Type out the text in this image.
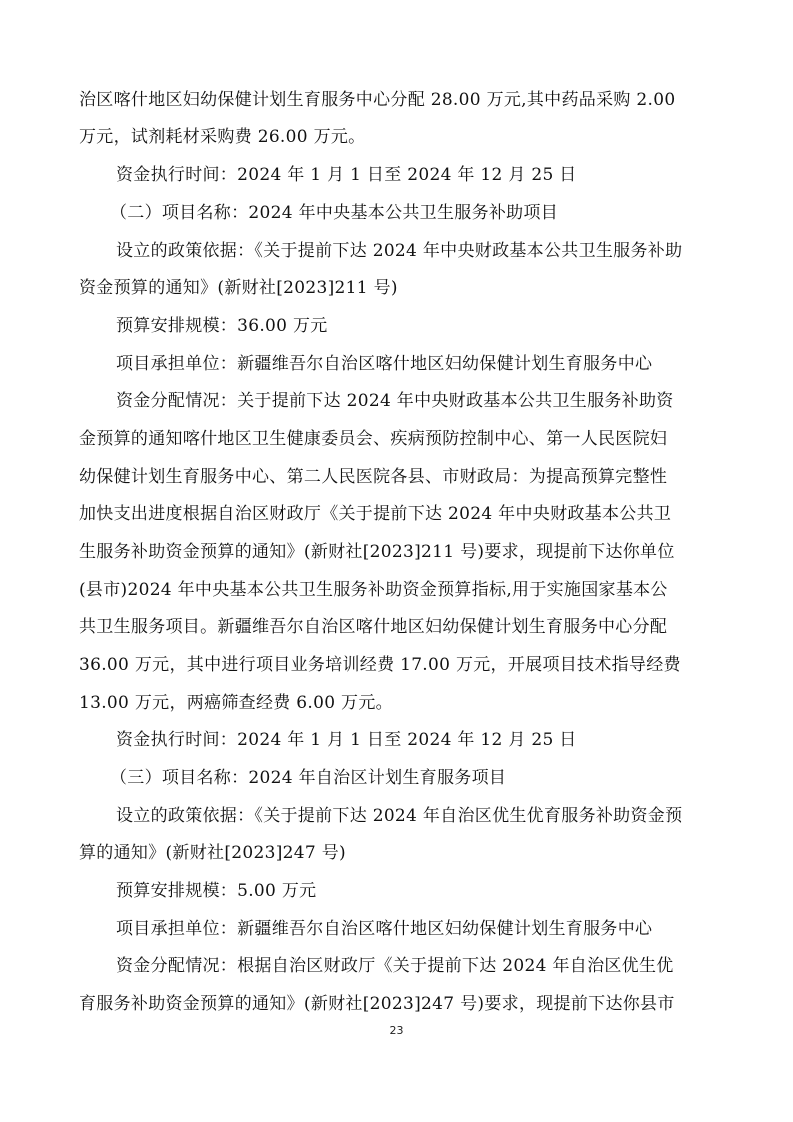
治区喀什地区妇幼保健计划生育服务中心分配 28.00 万元,其中药品采购 2.00
万元，试剂耗材采购费 26.00 万元。
资金执行时间：2024 年 1 月 1 日至 2024 年 12 月 25 日
（二）项目名称：2024 年中央基本公共卫生服务补助项目
设立的政策依据：《关于提前下达 2024 年中央财政基本公共卫生服务补助
资金预算的通知》(新财社[2023]211 号)
预算安排规模：36.00 万元
项目承担单位：新疆维吾尔自治区喀什地区妇幼保健计划生育服务中心
资金分配情况：关于提前下达 2024 年中央财政基本公共卫生服务补助资
金预算的通知喀什地区卫生健康委员会、疾病预防控制中心、第一人民医院妇
幼保健计划生育服务中心、第二人民医院各县、市财政局：为提高预算完整性
加快支出进度根据自治区财政厅《关于提前下达 2024 年中央财政基本公共卫
生服务补助资金预算的通知》(新财社[2023]211 号)要求，现提前下达你单位
(县市)2024 年中央基本公共卫生服务补助资金预算指标,用于实施国家基本公
共卫生服务项目。新疆维吾尔自治区喀什地区妇幼保健计划生育服务中心分配
36.00 万元，其中进行项目业务培训经费 17.00 万元，开展项目技术指导经费
13.00 万元，两癌筛查经费 6.00 万元。
资金执行时间：2024 年 1 月 1 日至 2024 年 12 月 25 日
（三）项目名称：2024 年自治区计划生育服务项目
设立的政策依据：《关于提前下达 2024 年自治区优生优育服务补助资金预
算的通知》(新财社[2023]247 号)
预算安排规模：5.00 万元
项目承担单位：新疆维吾尔自治区喀什地区妇幼保健计划生育服务中心
资金分配情况：根据自治区财政厅《关于提前下达 2024 年自治区优生优
育服务补助资金预算的通知》(新财社[2023]247 号)要求，现提前下达你县市
23
